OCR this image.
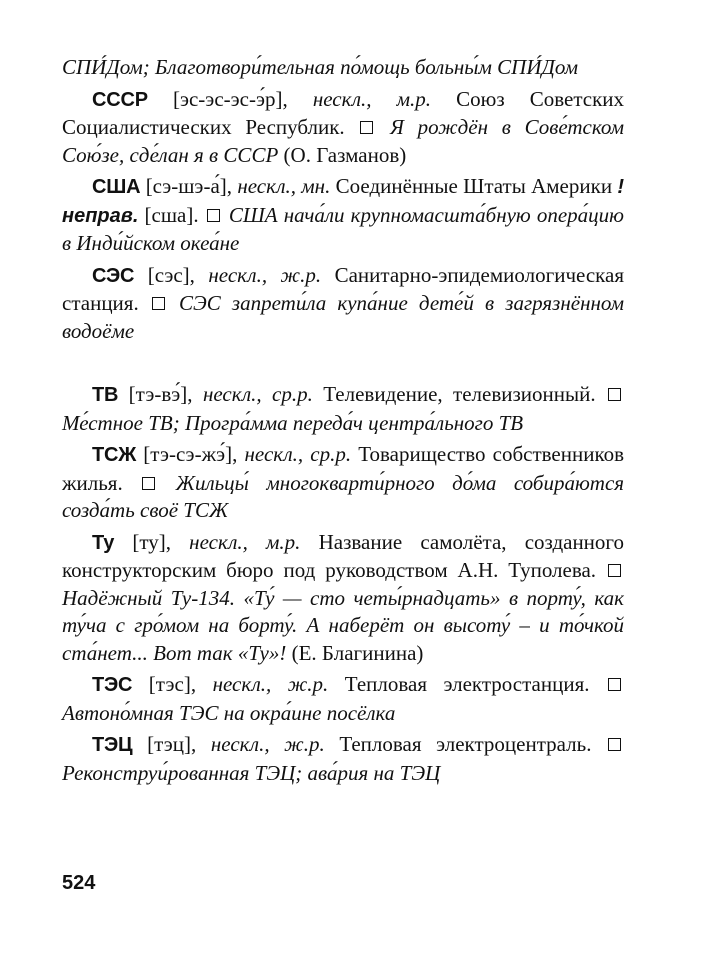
СПИ́Дом; Благотвори́тельная по́мощь больны́м СПИ́Дом

СССР [эс-эс-эс-э́р], нескл., м.р. Союз Советских Социалистических Республик. Я рождён в Сове́тском Сою́зе, сде́лан я в СССР (О. Газманов)

США [сэ-шэ-а́], нескл., мн. Соединённые Штаты Америки ! неправ. [сша]. США нача́ли крупномасшта́бную опера́цию в Инди́йском океа́не

СЭС [сэс], нескл., ж.р. Санитарно-эпидемиологическая станция. СЭС запрети́ла купа́ние дете́й в загрязнённом водоёме

ТВ [тэ-вэ́], нескл., ср.р. Телевидение, телевизионный.  Ме́стное ТВ; Програ́мма переда́ч центра́льного ТВ

ТСЖ [тэ-сэ-жэ́], нескл., ср.р. Товарищество собственников жилья.	Жильцы́ многокварти́рного до́ма собира́ются созда́ть своё ТСЖ

Ту [ту], нескл., м.р. Название самолёта, созданного конструкторским бюро под руководством А.Н. Туполева.  Надёжный Ту-134. «Ту́ — сто четы́рнадцать» в порту́, как ту́ча с гро́мом на борту́. А наберёт он высоту́ – и то́чкой ста́нет... Вот так «Ту»! (Е. Благинина)

ТЭС [тэс], нескл., ж.р. Тепловая электростанция.  Автоно́мная ТЭС на окра́ине посёлка

ТЭЦ [тэц], нескл., ж.р. Тепловая электроцентраль.  Реконструи́рованная ТЭЦ; ава́рия на ТЭЦ

524
